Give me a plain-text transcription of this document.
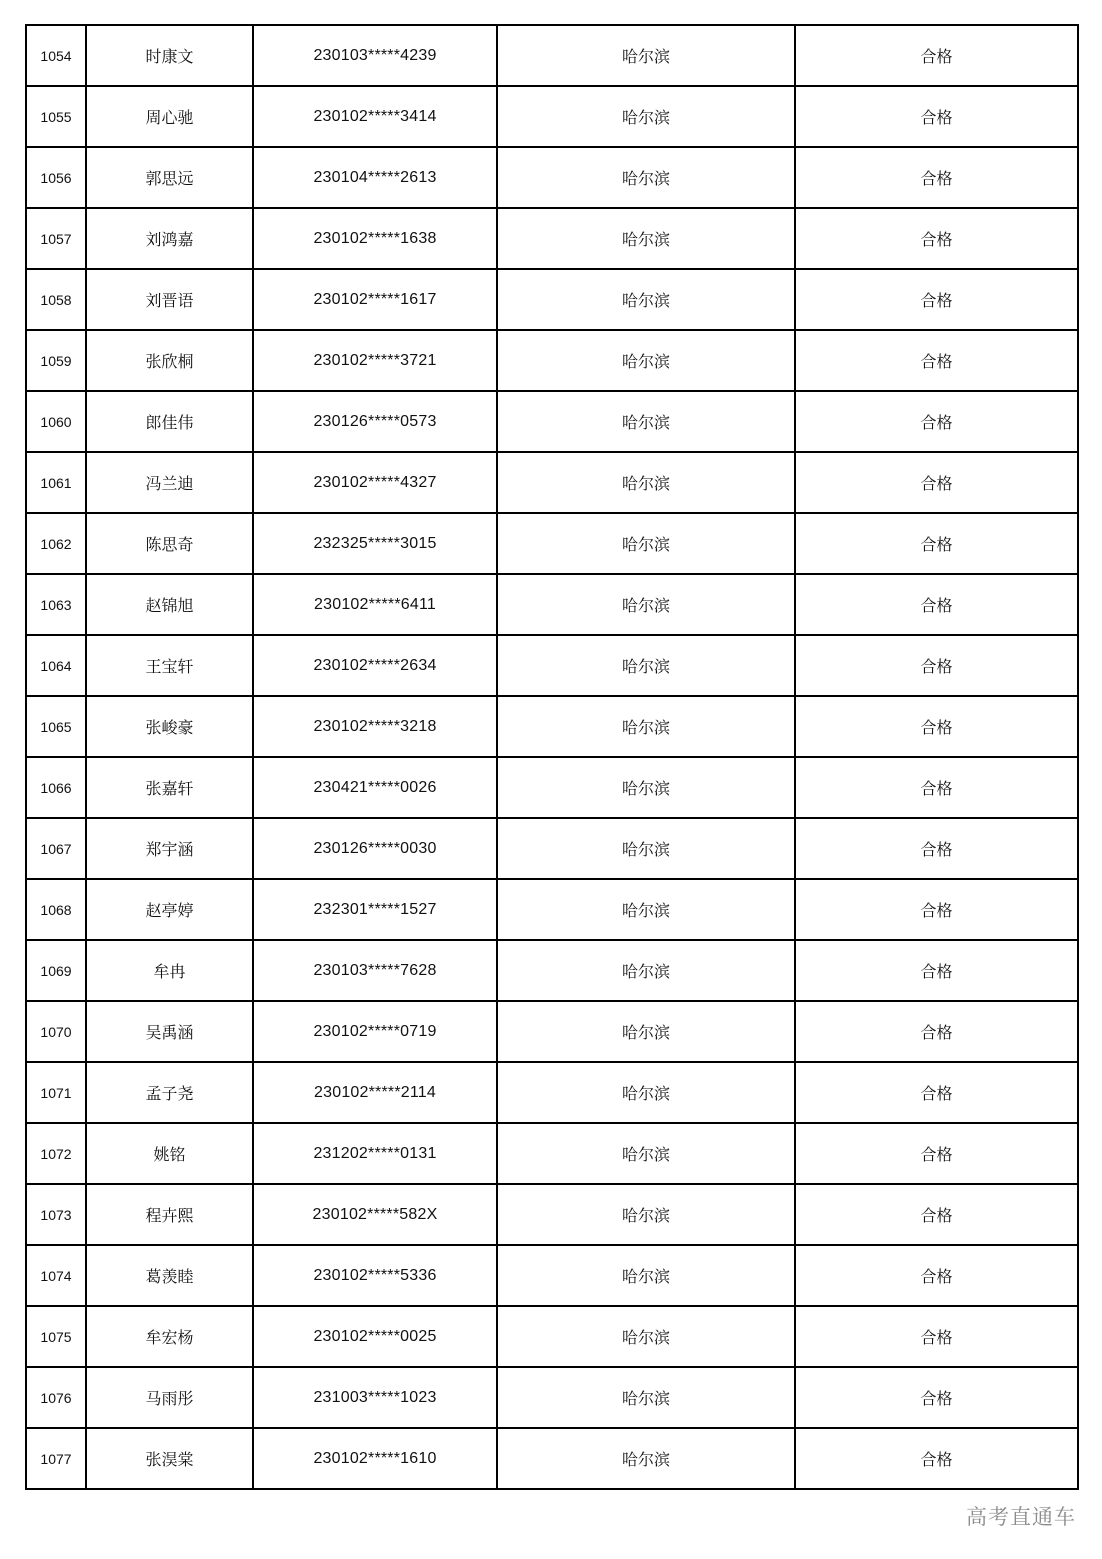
1054	时康文	230103*****4239	哈尔滨	合格
1055	周心驰	230102*****3414	哈尔滨	合格
1056	郭思远	230104*****2613	哈尔滨	合格
1057	刘鸿嘉	230102*****1638	哈尔滨	合格
1058	刘晋语	230102*****1617	哈尔滨	合格
1059	张欣桐	230102*****3721	哈尔滨	合格
1060	郎佳伟	230126*****0573	哈尔滨	合格
1061	冯兰迪	230102*****4327	哈尔滨	合格
1062	陈思奇	232325*****3015	哈尔滨	合格
1063	赵锦旭	230102*****6411	哈尔滨	合格
1064	王宝轩	230102*****2634	哈尔滨	合格
1065	张峻豪	230102*****3218	哈尔滨	合格
1066	张嘉轩	230421*****0026	哈尔滨	合格
1067	郑宇涵	230126*****0030	哈尔滨	合格
1068	赵亭婷	232301*****1527	哈尔滨	合格
1069	牟冉	230103*****7628	哈尔滨	合格
1070	吴禹涵	230102*****0719	哈尔滨	合格
1071	孟子尧	230102*****2114	哈尔滨	合格
1072	姚铭	231202*****0131	哈尔滨	合格
1073	程卉熙	230102*****582X	哈尔滨	合格
1074	葛羡睦	230102*****5336	哈尔滨	合格
1075	牟宏杨	230102*****0025	哈尔滨	合格
1076	马雨彤	231003*****1023	哈尔滨	合格
1077	张淏棠	230102*****1610	哈尔滨	合格
高考直通车
